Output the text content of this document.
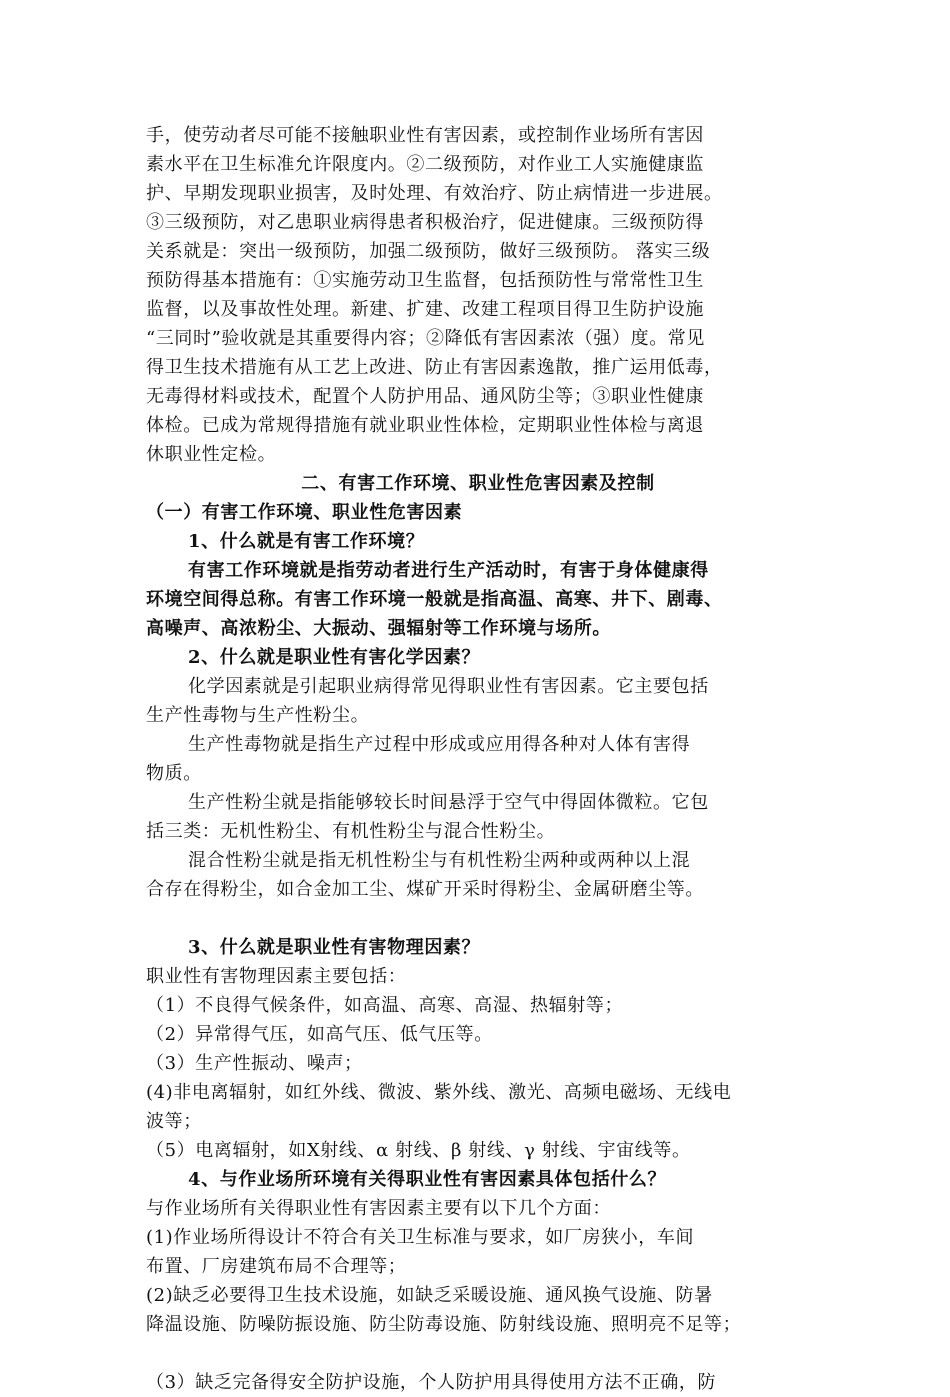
手，使劳动者尽可能不接触职业性有害因素，或控制作业场所有害因
素水平在卫生标准允许限度内。②二级预防，对作业工人实施健康监
护、早期发现职业损害，及时处理、有效治疗、防止病情进一步进展。
③三级预防，对乙患职业病得患者积极治疗，促进健康。三级预防得
关系就是：突出一级预防，加强二级预防，做好三级预防。 落实三级
预防得基本措施有：①实施劳动卫生监督，包括预防性与常常性卫生
监督，以及事故性处理。新建、扩建、改建工程项目得卫生防护设施
“三同时”验收就是其重要得内容；②降低有害因素浓（强）度。常见
得卫生技术措施有从工艺上改进、防止有害因素逸散，推广运用低毒，
无毒得材料或技术，配置个人防护用品、通风防尘等；③职业性健康
体检。已成为常规得措施有就业职业性体检，定期职业性体检与离退
休职业性定检。
二、有害工作环境、职业性危害因素及控制
（一）有害工作环境、职业性危害因素
1、什么就是有害工作环境？
有害工作环境就是指劳动者进行生产活动时，有害于身体健康得
环境空间得总称。有害工作环境一般就是指高温、高寒、井下、剧毒、
高噪声、高浓粉尘、大振动、强辐射等工作环境与场所。
2、什么就是职业性有害化学因素？
化学因素就是引起职业病得常见得职业性有害因素。它主要包括
生产性毒物与生产性粉尘。
生产性毒物就是指生产过程中形成或应用得各种对人体有害得
物质。
生产性粉尘就是指能够较长时间悬浮于空气中得固体微粒。它包
括三类：无机性粉尘、有机性粉尘与混合性粉尘。
混合性粉尘就是指无机性粉尘与有机性粉尘两种或两种以上混
合存在得粉尘，如合金加工尘、煤矿开采时得粉尘、金属研磨尘等。
3、什么就是职业性有害物理因素？
职业性有害物理因素主要包括：
（1）不良得气候条件，如高温、高寒、高湿、热辐射等；
（2）异常得气压，如高气压、低气压等。
（3）生产性振动、噪声；
(4)非电离辐射，如红外线、微波、紫外线、激光、高频电磁场、无线电
波等；
（5）电离辐射，如Χ射线、α 射线、β 射线、γ 射线、宇宙线等。
4、与作业场所环境有关得职业性有害因素具体包括什么？
与作业场所有关得职业性有害因素主要有以下几个方面：
(1)作业场所得设计不符合有关卫生标准与要求，如厂房狭小，车间
布置、厂房建筑布局不合理等；
(2)缺乏必要得卫生技术设施，如缺乏采暖设施、通风换气设施、防暑
降温设施、防噪防振设施、防尘防毒设施、防射线设施、照明亮不足等；
（3）缺乏完备得安全防护设施，个人防护用具得使用方法不正确，防
